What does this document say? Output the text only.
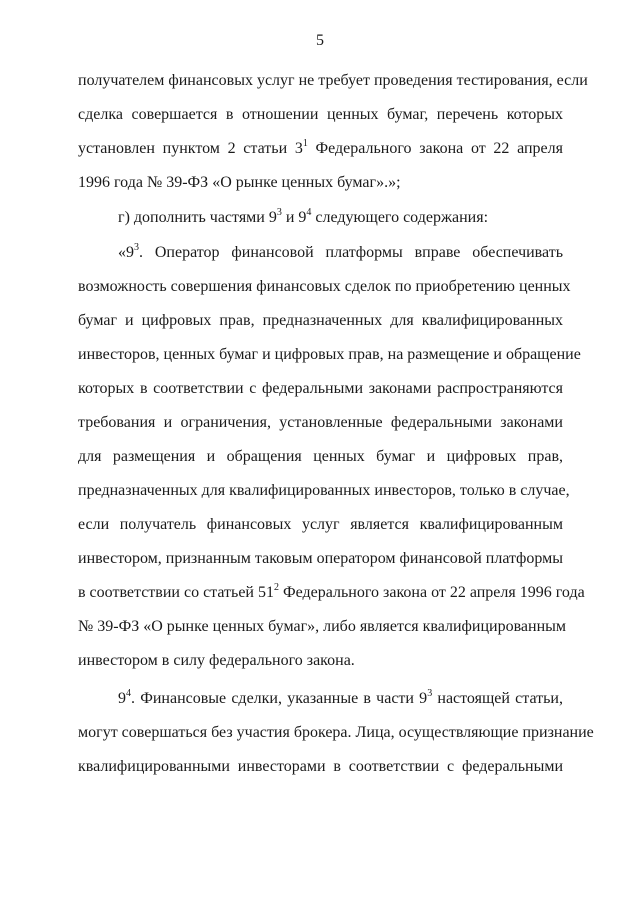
5
получателем финансовых услуг не требует проведения тестирования, если
сделка совершается в отношении ценных бумаг, перечень которых
установлен пунктом 2 статьи $3^1$ Федерального закона от 22 апреля
1996 года № 39-ФЗ «О рынке ценных бумаг».»;
г) дополнить частями $9^3$ и $9^4$ следующего содержания:
«$9^3$. Оператор финансовой платформы вправе обеспечивать
возможность совершения финансовых сделок по приобретению ценных
бумаг и цифровых прав, предназначенных для квалифицированных
инвесторов, ценных бумаг и цифровых прав, на размещение и обращение
которых в соответствии с федеральными законами распространяются
требования и ограничения, установленные федеральными законами
для размещения и обращения ценных бумаг и цифровых прав,
предназначенных для квалифицированных инвесторов, только в случае,
если получатель финансовых услуг является квалифицированным
инвестором, признанным таковым оператором финансовой платформы
в соответствии со статьей $51^2$ Федерального закона от 22 апреля 1996 года
№ 39-ФЗ «О рынке ценных бумаг», либо является квалифицированным
инвестором в силу федерального закона.
$9^4$. Финансовые сделки, указанные в части $9^3$ настоящей статьи,
могут совершаться без участия брокера. Лица, осуществляющие признание
квалифицированными инвесторами в соответствии с федеральными
